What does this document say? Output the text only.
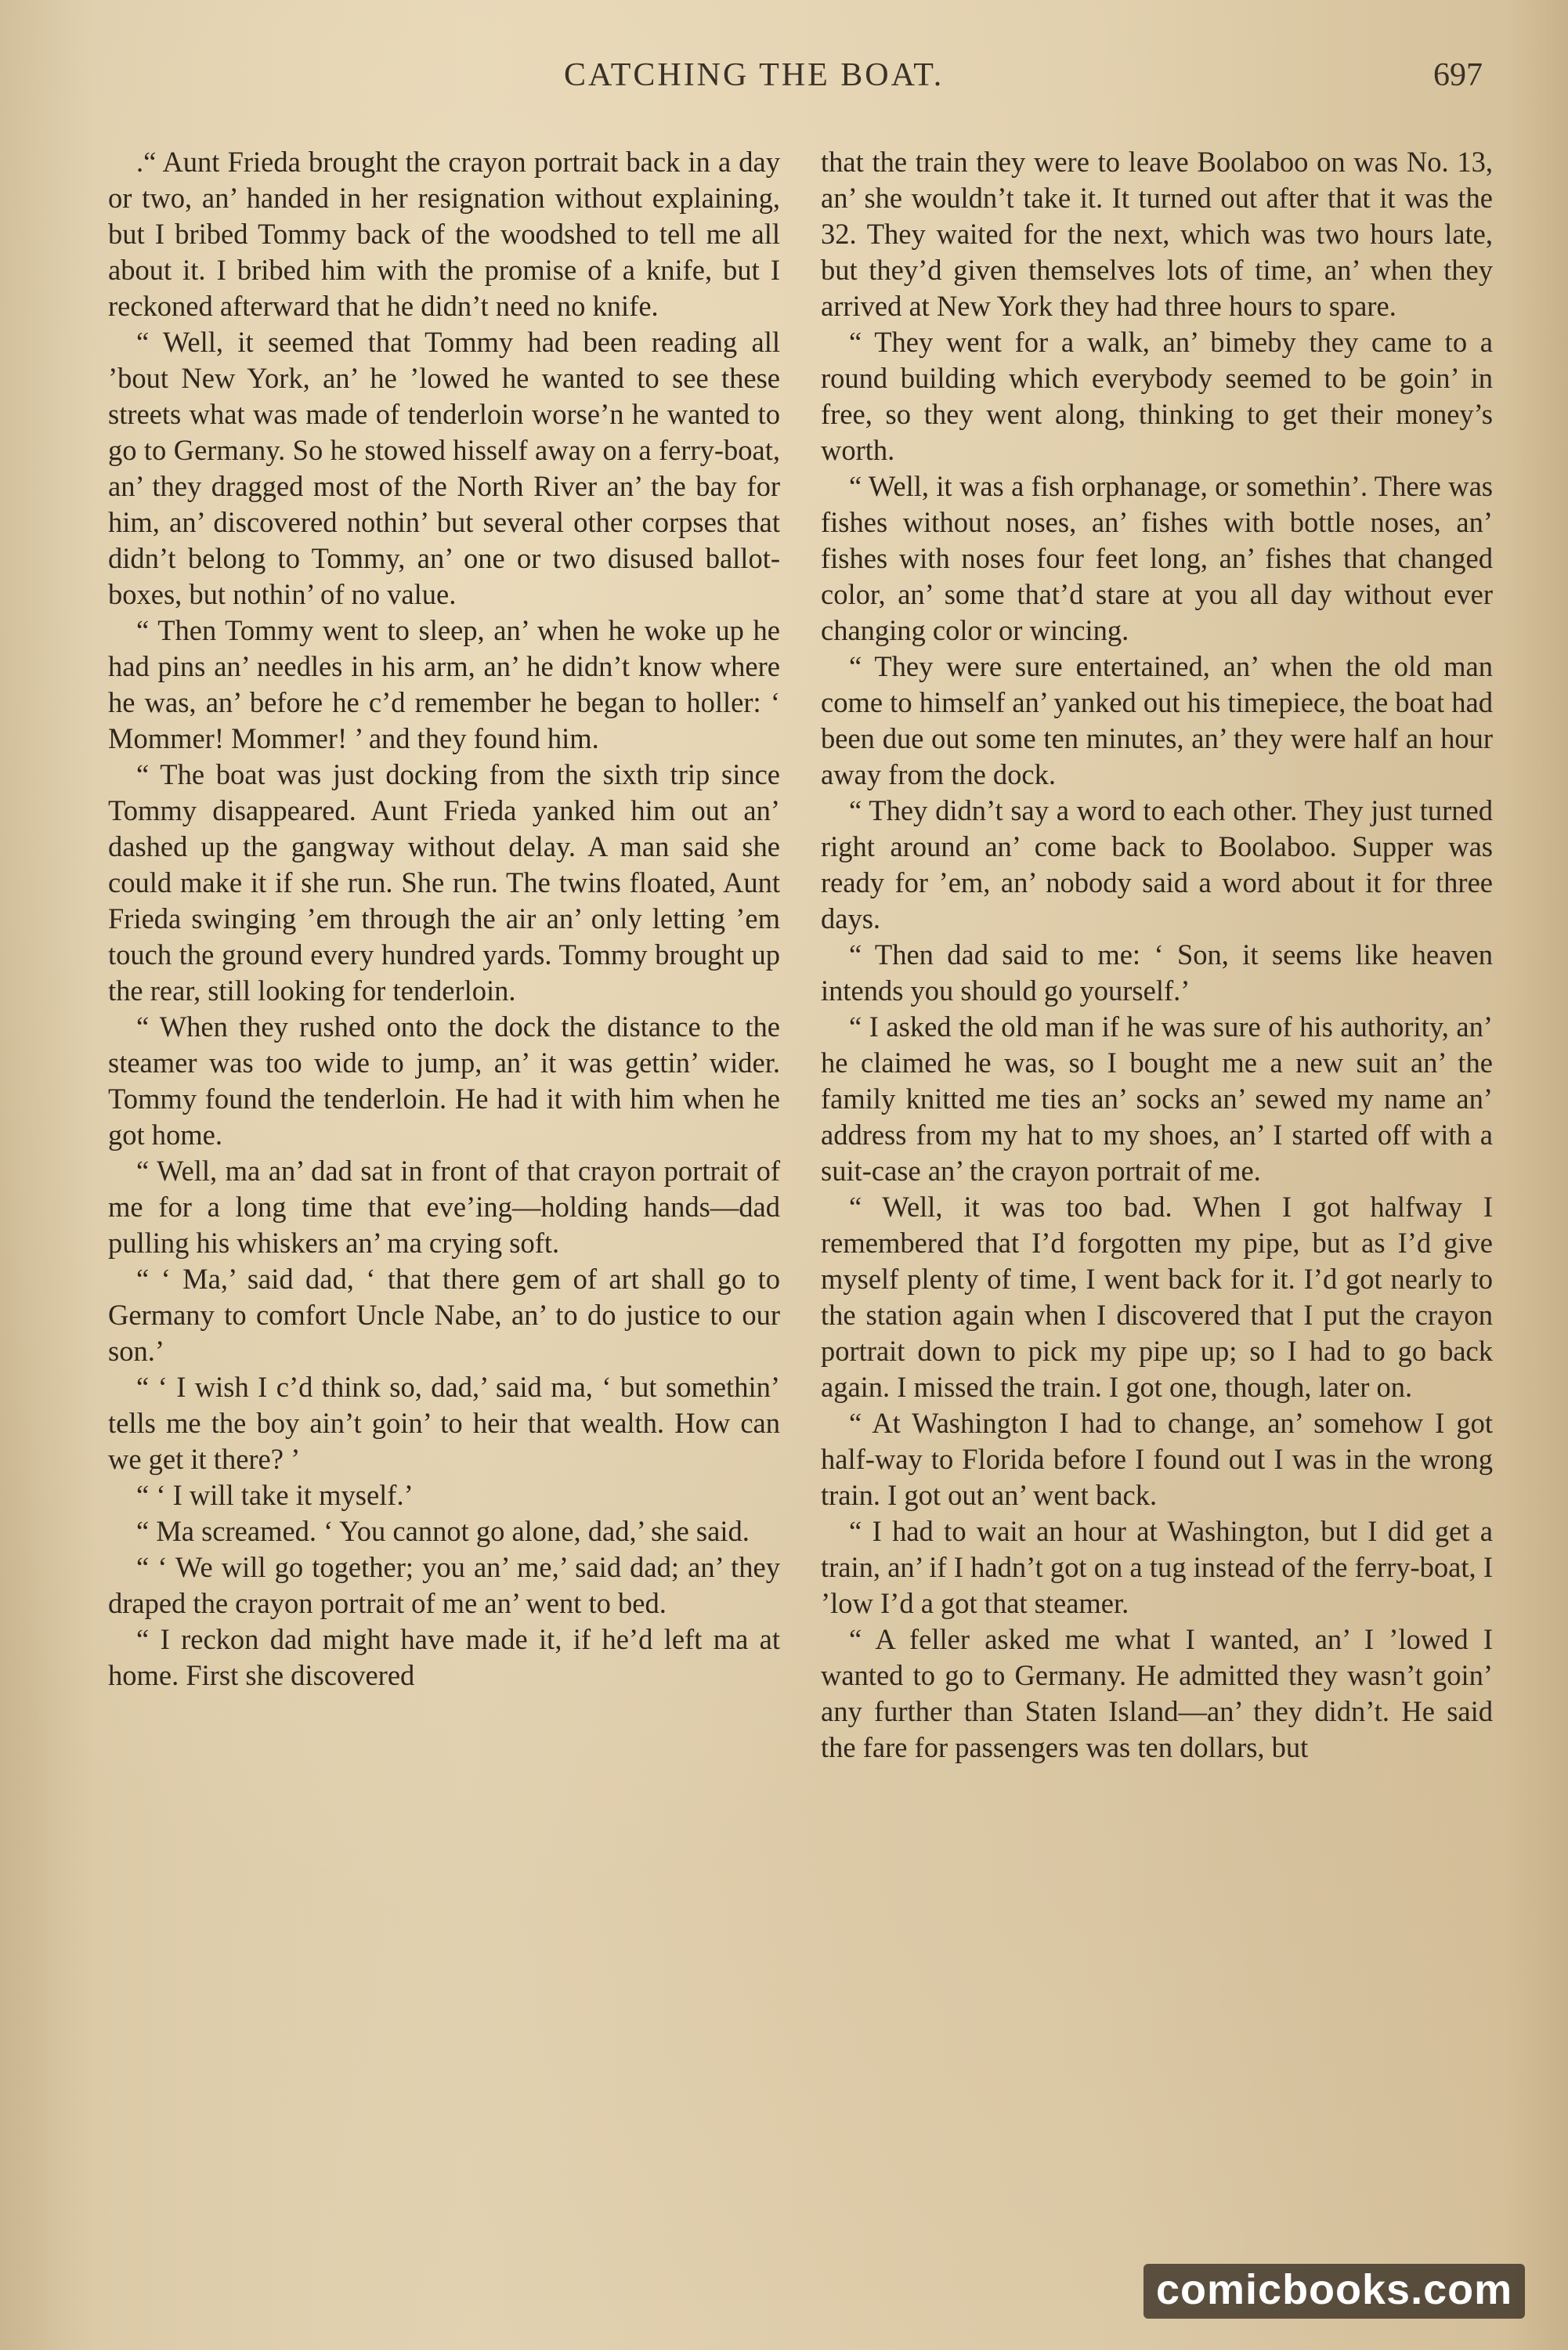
CATCHING THE BOAT.	697

.“ Aunt Frieda brought the crayon portrait back in a day or two, an’ handed in her resignation without explaining, but I bribed Tommy back of the woodshed to tell me all about it. I bribed him with the promise of a knife, but I reckoned afterward that he didn’t need no knife.

“ Well, it seemed that Tommy had been reading all ’bout New York, an’ he ’lowed he wanted to see these streets what was made of tenderloin worse’n he wanted to go to Germany. So he stowed hisself away on a ferry-boat, an’ they dragged most of the North River an’ the bay for him, an’ discovered nothin’ but several other corpses that didn’t belong to Tommy, an’ one or two disused ballot-boxes, but nothin’ of no value.

“ Then Tommy went to sleep, an’ when he woke up he had pins an’ needles in his arm, an’ he didn’t know where he was, an’ before he c’d remember he began to holler: ‘ Mommer! Mommer! ’ and they found him.

“ The boat was just docking from the sixth trip since Tommy disappeared. Aunt Frieda yanked him out an’ dashed up the gangway without delay. A man said she could make it if she run. She run. The twins floated, Aunt Frieda swinging ’em through the air an’ only letting ’em touch the ground every hundred yards. Tommy brought up the rear, still looking for tenderloin.

“ When they rushed onto the dock the distance to the steamer was too wide to jump, an’ it was gettin’ wider. Tommy found the tenderloin. He had it with him when he got home.

“ Well, ma an’ dad sat in front of that crayon portrait of me for a long time that eve’ing—holding hands—dad pulling his whiskers an’ ma crying soft.

“ ‘ Ma,’ said dad, ‘ that there gem of art shall go to Germany to comfort Uncle Nabe, an’ to do justice to our son.’

“ ‘ I wish I c’d think so, dad,’ said ma, ‘ but somethin’ tells me the boy ain’t goin’ to heir that wealth. How can we get it there? ’

“ ‘ I will take it myself.’

“ Ma screamed. ‘ You cannot go alone, dad,’ she said.

“ ‘ We will go together; you an’ me,’ said dad; an’ they draped the crayon portrait of me an’ went to bed.

“ I reckon dad might have made it, if he’d left ma at home. First she discovered

that the train they were to leave Boolaboo on was No. 13, an’ she wouldn’t take it. It turned out after that it was the 32. They waited for the next, which was two hours late, but they’d given themselves lots of time, an’ when they arrived at New York they had three hours to spare.

“ They went for a walk, an’ bimeby they came to a round building which everybody seemed to be goin’ in free, so they went along, thinking to get their money’s worth.

“ Well, it was a fish orphanage, or somethin’. There was fishes without noses, an’ fishes with bottle noses, an’ fishes with noses four feet long, an’ fishes that changed color, an’ some that’d stare at you all day without ever changing color or wincing.

“ They were sure entertained, an’ when the old man come to himself an’ yanked out his timepiece, the boat had been due out some ten minutes, an’ they were half an hour away from the dock.

“ They didn’t say a word to each other. They just turned right around an’ come back to Boolaboo. Supper was ready for ’em, an’ nobody said a word about it for three days.

“ Then dad said to me: ‘ Son, it seems like heaven intends you should go yourself.’

“ I asked the old man if he was sure of his authority, an’ he claimed he was, so I bought me a new suit an’ the family knitted me ties an’ socks an’ sewed my name an’ address from my hat to my shoes, an’ I started off with a suit-case an’ the crayon portrait of me.

“ Well, it was too bad. When I got halfway I remembered that I’d forgotten my pipe, but as I’d give myself plenty of time, I went back for it. I’d got nearly to the station again when I discovered that I put the crayon portrait down to pick my pipe up; so I had to go back again. I missed the train. I got one, though, later on.

“ At Washington I had to change, an’ somehow I got half-way to Florida before I found out I was in the wrong train. I got out an’ went back.

“ I had to wait an hour at Washington, but I did get a train, an’ if I hadn’t got on a tug instead of the ferry-boat, I ’low I’d a got that steamer.

“ A feller asked me what I wanted, an’ I ’lowed I wanted to go to Germany. He admitted they wasn’t goin’ any further than Staten Island—an’ they didn’t. He said the fare for passengers was ten dollars, but

comicbooks.com
